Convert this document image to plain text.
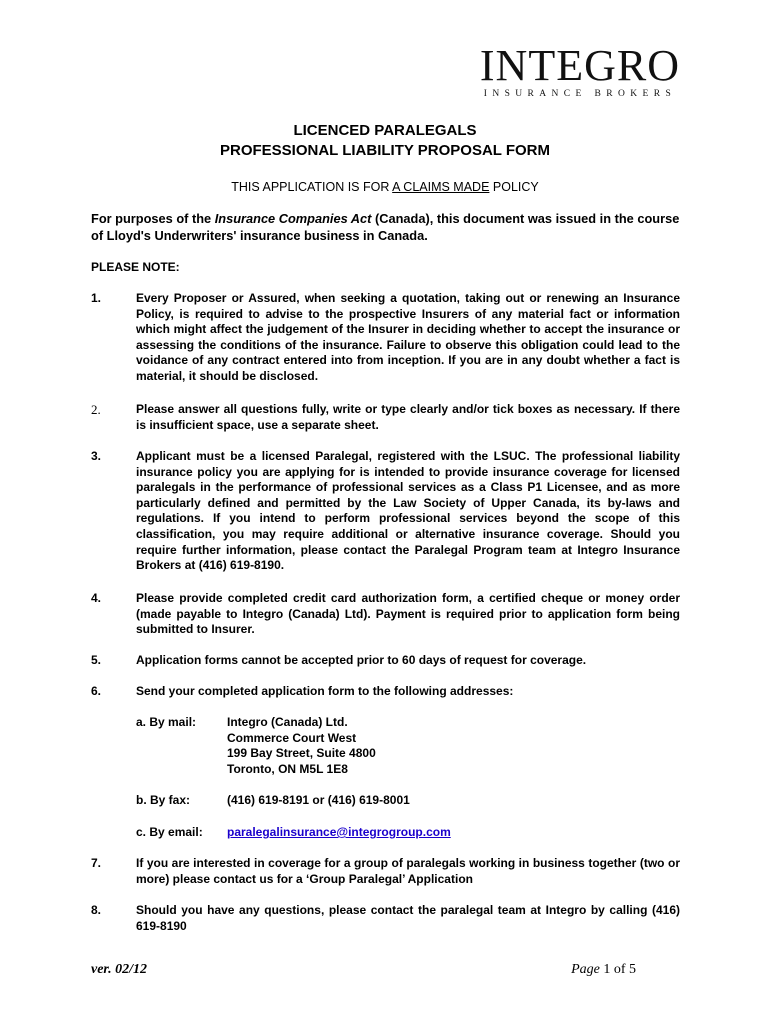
INTEGRO
INSURANCE BROKERS
LICENCED PARALEGALS
PROFESSIONAL LIABILITY PROPOSAL FORM
THIS APPLICATION IS FOR A CLAIMS MADE POLICY
For purposes of the Insurance Companies Act (Canada), this document was issued in the course of Lloyd's Underwriters' insurance business in Canada.
PLEASE NOTE:
1.	Every Proposer or Assured, when seeking a quotation, taking out or renewing an Insurance Policy, is required to advise to the prospective Insurers of any material fact or information which might affect the judgement of the Insurer in deciding whether to accept the insurance or assessing the conditions of the insurance. Failure to observe this obligation could lead to the voidance of any contract entered into from inception. If you are in any doubt whether a fact is material, it should be disclosed.
2.	Please answer all questions fully, write or type clearly and/or tick boxes as necessary. If there is insufficient space, use a separate sheet.
3.	Applicant must be a licensed Paralegal, registered with the LSUC. The professional liability insurance policy you are applying for is intended to provide insurance coverage for licensed paralegals in the performance of professional services as a Class P1 Licensee, and as more particularly defined and permitted by the Law Society of Upper Canada, its by-laws and regulations. If you intend to perform professional services beyond the scope of this classification, you may require additional or alternative insurance coverage. Should you require further information, please contact the Paralegal Program team at Integro Insurance Brokers at (416) 619-8190.
4.	Please provide completed credit card authorization form, a certified cheque or money order (made payable to Integro (Canada) Ltd). Payment is required prior to application form being submitted to Insurer.
5.	Application forms cannot be accepted prior to 60 days of request for coverage.
6.	Send your completed application form to the following addresses:
a. By mail:	Integro (Canada) Ltd.
Commerce Court West
199 Bay Street, Suite 4800
Toronto, ON M5L 1E8
b. By fax:	(416) 619-8191 or (416) 619-8001
c. By email: paralegalinsurance@integrogroup.com
7.	If you are interested in coverage for a group of paralegals working in business together (two or more) please contact us for a ‘Group Paralegal’ Application
8.	Should you have any questions, please contact the paralegal team at Integro by calling (416) 619-8190
ver. 02/12	Page 1 of 5
